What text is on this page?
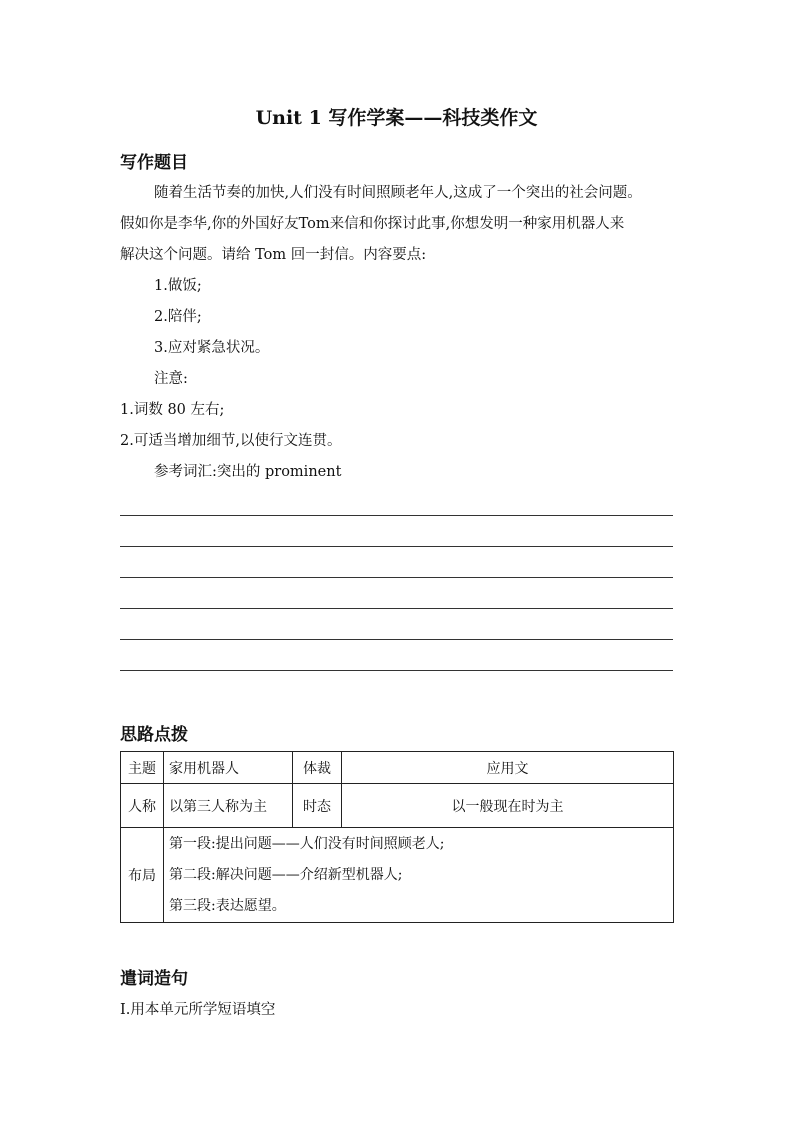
Unit 1 写作学案——科技类作文
写作题目
随着生活节奏的加快,人们没有时间照顾老年人,这成了一个突出的社会问题。
假如你是李华,你的外国好友Tom来信和你探讨此事,你想发明一种家用机器人来
解决这个问题。请给 Tom 回一封信。内容要点:
1.做饭;
2.陪伴;
3.应对紧急状况。
注意:
1.词数 80 左右;
2.可适当增加细节,以使行文连贯。
参考词汇:突出的 prominent
思路点拨
主题	家用机器人	体裁	应用文
人称	以第三人称为主	时态	以一般现在时为主
布局	第一段:提出问题——人们没有时间照顾老人;
第二段:解决问题——介绍新型机器人;
第三段:表达愿望。		
遣词造句
Ⅰ.用本单元所学短语填空
